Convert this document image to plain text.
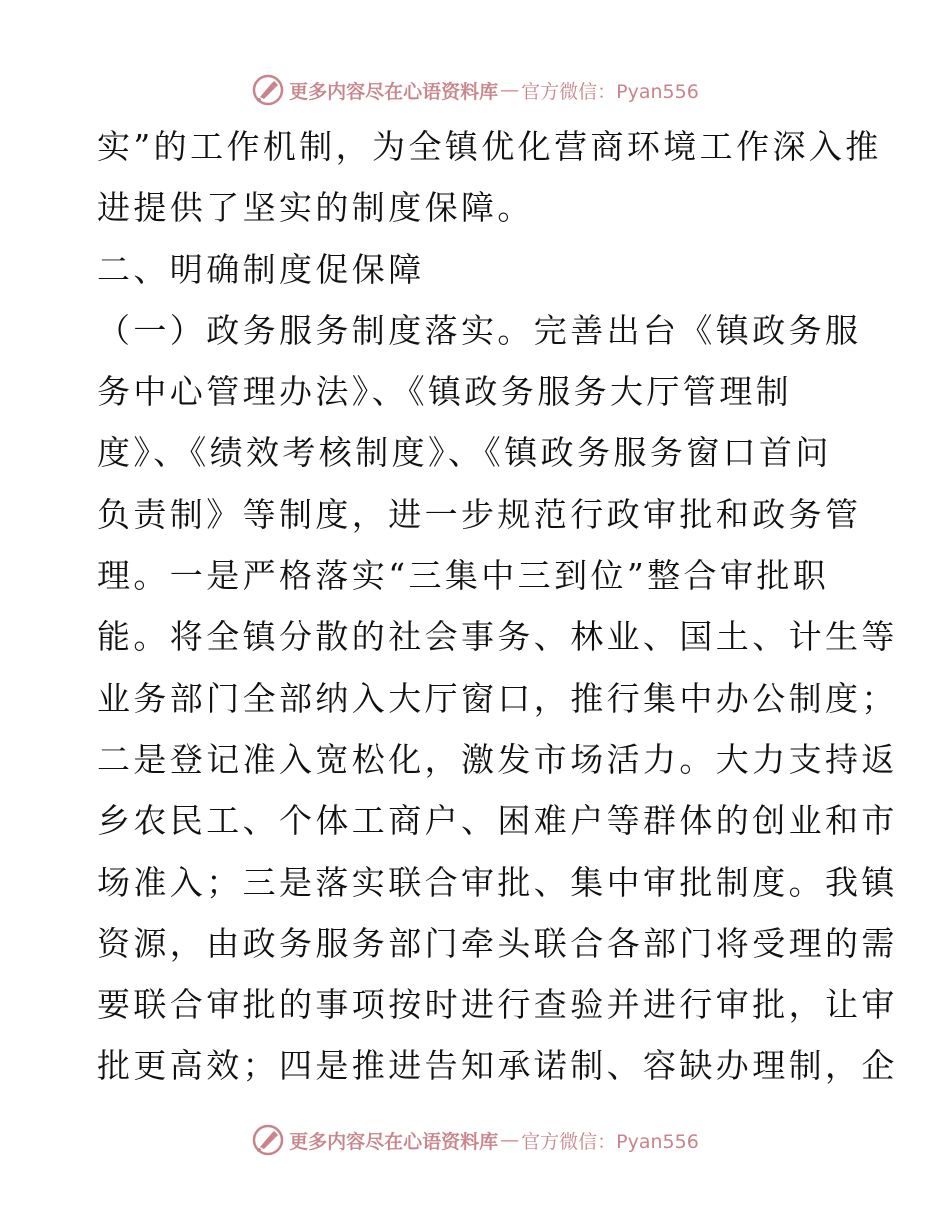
更多内容尽在心语资料库 — 官方微信：Pyan556
实”的工作机制，为全镇优化营商环境工作深入推
进提供了坚实的制度保障。
二、明确制度促保障
（一）政务服务制度落实。完善出台《镇政务服
务中心管理办法》、《镇政务服务大厅管理制
度》、《绩效考核制度》、《镇政务服务窗口首问
负责制》等制度，进一步规范行政审批和政务管
理。一是严格落实“三集中三到位”整合审批职
能。将全镇分散的社会事务、林业、国土、计生等
业务部门全部纳入大厅窗口，推行集中办公制度；
二是登记准入宽松化，激发市场活力。大力支持返
乡农民工、个体工商户、困难户等群体的创业和市
场准入；三是落实联合审批、集中审批制度。我镇
资源，由政务服务部门牵头联合各部门将受理的需
要联合审批的事项按时进行查验并进行审批，让审
批更高效；四是推进告知承诺制、容缺办理制，企
更多内容尽在心语资料库 — 官方微信：Pyan556
